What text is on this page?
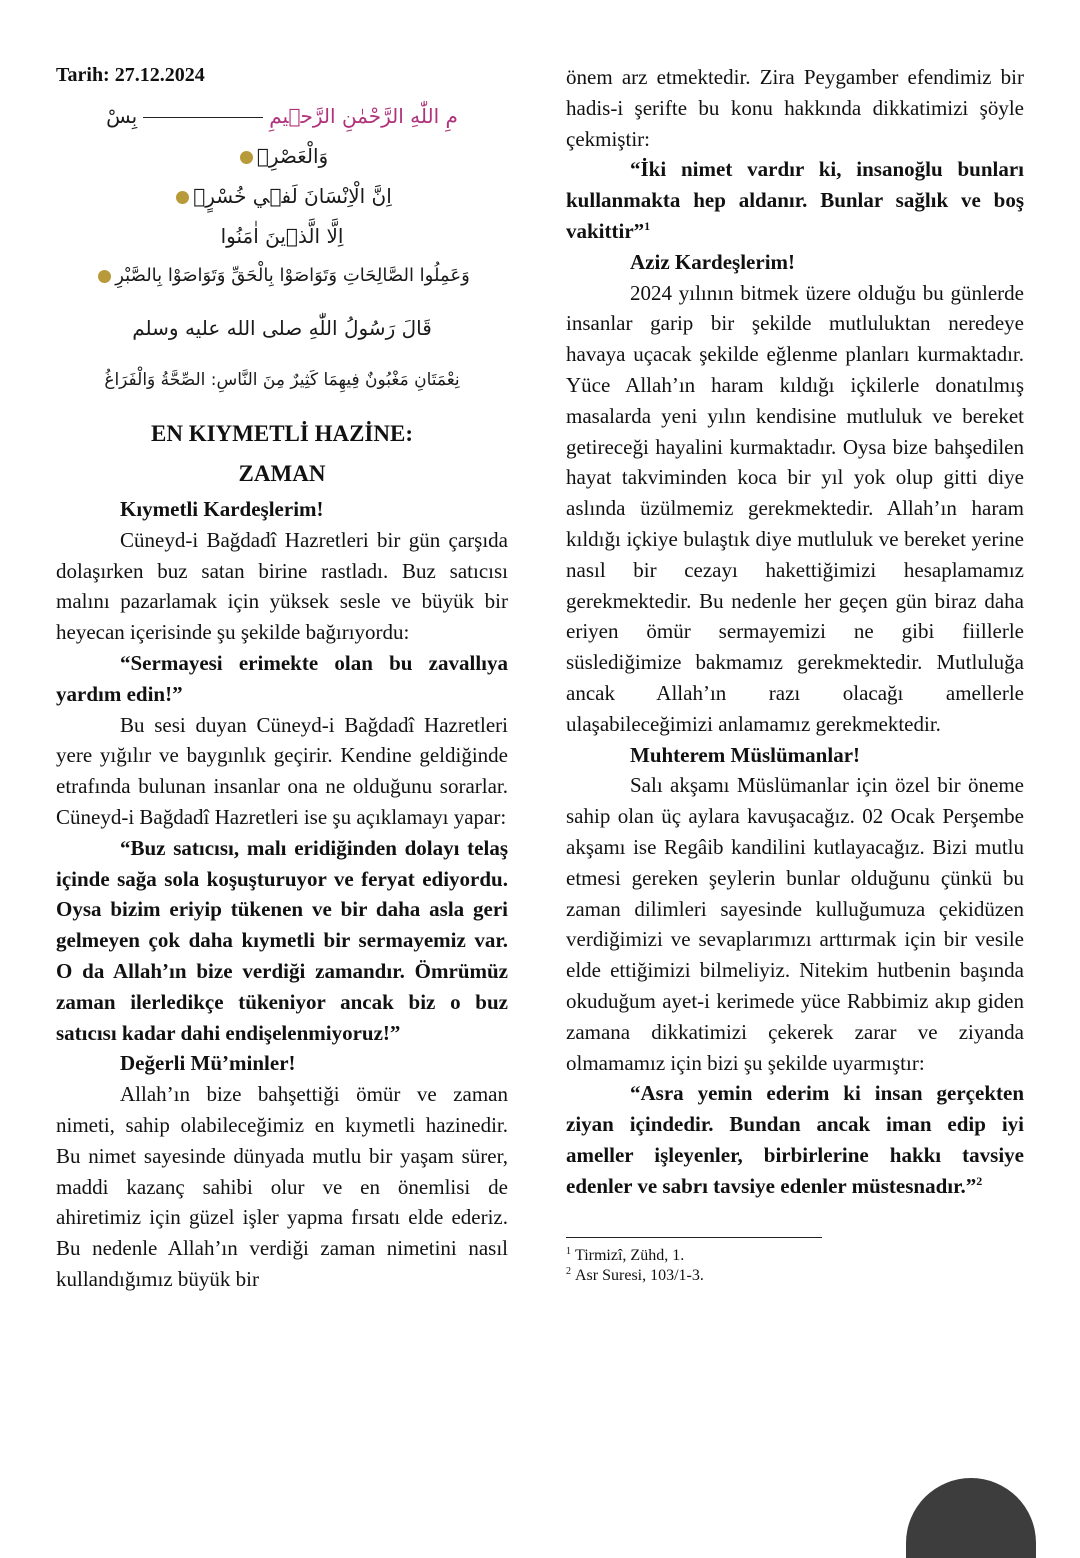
Tarih: 27.12.2024
مِ اللّٰهِ الرَّحْمٰنِ الرَّح۪يمِبِسْ
وَالْعَصْرِۙ
اِنَّ الْاِنْسَانَ لَف۪ي خُسْرٍۙ
اِلَّا الَّذ۪ينَ اٰمَنُوا
وَعَمِلُوا الصَّالِحَاتِ وَتَوَاصَوْا بِالْحَقِّ وَتَوَاصَوْا بِالصَّبْرِ
قَالَ رَسُولُ اللّٰهِ صلى الله عليه وسلم
نِعْمَتَانِ مَغْبُونٌ فِيهِمَا كَثِيرٌ مِنَ النَّاسِ: الصِّحَّةُ وَالْفَرَاغُ
EN KIYMETLİ HAZİNE:
ZAMAN

Kıymetli Kardeşlerim!

Cüneyd-i Bağdadî Hazretleri bir gün çarşıda dolaşırken buz satan birine rastladı. Buz satıcısı malını pazarlamak için yüksek sesle ve büyük bir heyecan içerisinde şu şekilde bağırıyordu:

“Sermayesi erimekte olan bu zavallıya yardım edin!”

Bu sesi duyan Cüneyd-i Bağdadî Hazretleri yere yığılır ve baygınlık geçirir. Kendine geldiğinde etrafında bulunan insanlar ona ne olduğunu sorarlar. Cüneyd-i Bağdadî Hazretleri ise şu açıklamayı yapar:

“Buz satıcısı, malı eridiğinden dolayı telaş içinde sağa sola koşuşturuyor ve feryat ediyordu. Oysa bizim eriyip tükenen ve bir daha asla geri gelmeyen çok daha kıymetli bir sermayemiz var. O da Allah’ın bize verdiği zamandır. Ömrümüz zaman ilerledikçe tükeniyor ancak biz o buz satıcısı kadar dahi endişelenmiyoruz!”

Değerli Mü’minler!

Allah’ın bize bahşettiği ömür ve zaman nimeti, sahip olabileceğimiz en kıymetli hazinedir. Bu nimet sayesinde dünyada mutlu bir yaşam sürer, maddi kazanç sahibi olur ve en önemlisi de ahiretimiz için güzel işler yapma fırsatı elde ederiz. Bu nedenle Allah’ın verdiği zaman nimetini nasıl kullandığımız büyük bir

önem arz etmektedir. Zira Peygamber efendimiz bir hadis-i şerifte bu konu hakkında dikkatimizi şöyle çekmiştir:

“İki nimet vardır ki, insanoğlu bunları kullanmakta hep aldanır. Bunlar sağlık ve boş vakittir”$^1$

Aziz Kardeşlerim!

2024 yılının bitmek üzere olduğu bu günlerde insanlar garip bir şekilde mutluluktan neredeye havaya uçacak şekilde eğlenme planları kurmaktadır. Yüce Allah’ın haram kıldığı içkilerle donatılmış masalarda yeni yılın kendisine mutluluk ve bereket getireceği hayalini kurmaktadır. Oysa bize bahşedilen hayat takviminden koca bir yıl yok olup gitti diye aslında üzülmemiz gerekmektedir. Allah’ın haram kıldığı içkiye bulaştık diye mutluluk ve bereket yerine nasıl bir cezayı hakettiğimizi hesaplamamız gerekmektedir. Bu nedenle her geçen gün biraz daha eriyen ömür sermayemizi ne gibi fiillerle süslediğimize bakmamız gerekmektedir. Mutluluğa ancak Allah’ın razı olacağı amellerle ulaşabileceğimizi anlamamız gerekmektedir.

Muhterem Müslümanlar!

Salı akşamı Müslümanlar için özel bir öneme sahip olan üç aylara kavuşacağız. 02 Ocak Perşembe akşamı ise Regâib kandilini kutlayacağız. Bizi mutlu etmesi gereken şeylerin bunlar olduğunu çünkü bu zaman dilimleri sayesinde kulluğumuza çekidüzen verdiğimizi ve sevaplarımızı arttırmak için bir vesile elde ettiğimizi bilmeliyiz. Nitekim hutbenin başında okuduğum ayet-i kerimede yüce Rabbimiz akıp giden zamana dikkatimizi çekerek zarar ve ziyanda olmamamız için bizi şu şekilde uyarmıştır:

“Asra yemin ederim ki insan gerçekten ziyan içindedir. Bundan ancak iman edip iyi ameller işleyenler, birbirlerine hakkı tavsiye edenler ve sabrı tavsiye edenler müstesnadır.”$^2$

$^1$ Tirmizî, Zühd, 1.
$^2$ Asr Suresi, 103/1-3.
